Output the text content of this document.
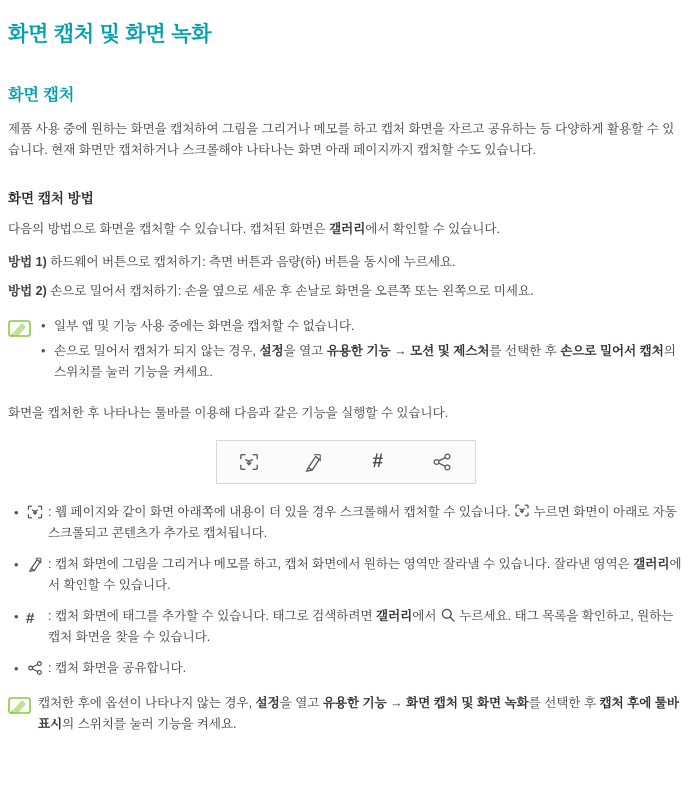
화면 캡처 및 화면 녹화
화면 캡처

제품 사용 중에 원하는 화면을 캡처하여 그림을 그리거나 메모를 하고 캡처 화면을 자르고 공유하는 등 다양하게 활용할 수 있습니다. 현재 화면만 캡처하거나 스크롤해야 나타나는 화면 아래 페이지까지 캡처할 수도 있습니다.

화면 캡처 방법

다음의 방법으로 화면을 캡처할 수 있습니다. 캡처된 화면은 갤러리에서 확인할 수 있습니다.

방법 1) 하드웨어 버튼으로 캡처하기: 측면 버튼과 음량(하) 버튼을 동시에 누르세요.

방법 2) 손으로 밀어서 캡처하기: 손을 옆으로 세운 후 손날로 화면을 오른쪽 또는 왼쪽으로 미세요.

• 일부 앱 및 기능 사용 중에는 화면을 캡처할 수 없습니다.
• 손으로 밀어서 캡처가 되지 않는 경우, 설정을 열고 유용한 기능 → 모션 및 제스처를 선택한 후 손으로 밀어서 캡처의 스위치를 눌러 기능을 켜세요.

화면을 캡처한 후 나타나는 툴바를 이용해 다음과 같은 기능을 실행할 수 있습니다.

#
• : 웹 페이지와 같이 화면 아래쪽에 내용이 더 있을 경우 스크롤해서 캡처할 수 있습니다.
누르면 화면이 아래로 자동 스크롤되고 콘텐츠가 추가로 캡처됩니다.
• : 캡처 화면에 그림을 그리거나 메모를 하고, 캡처 화면에서 원하는 영역만 잘라낼 수 있습니다. 잘라낸 영역은 갤러리에서 확인할 수 있습니다.
• #	: 캡처 화면에 태그를 추가할 수 있습니다. 태그로 검색하려면 갤러리에서
누르세요. 태그 목록을 확인하고, 원하는 캡처 화면을 찾을 수 있습니다.
• : 캡처 화면을 공유합니다.
캡처한 후에 옵션이 나타나지 않는 경우, 설정을 열고 유용한 기능 → 화면 캡처 및 화면 녹화를 선택한 후 캡처 후에 툴바 표시의 스위치를 눌러 기능을 켜세요.
